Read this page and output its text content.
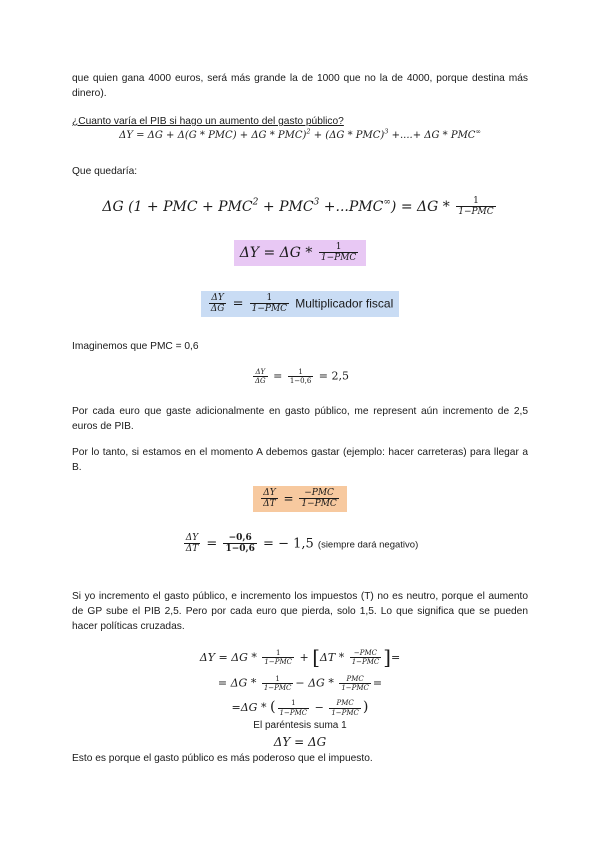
que quien gana 4000 euros, será más grande la de 1000 que no la de 4000, porque destina más dinero).
¿Cuanto varía el PIB si hago un aumento del gasto público?
ΔY = ΔG + Δ(G * PMC) + ΔG * PMC)$^2$ + (ΔG * PMC)$^3$ +....+ ΔG * PMC∞
Que quedaría:
ΔG (1 + PMC + $PMC^2 + PMC^3 +...PMC^\infty) = \Delta G * \frac{1}{\text{1−PMC}}$
$\Delta Y = \Delta G * \frac{1}{\text{1−PMC}}$
$\frac{\Delta Y}{\Delta G} = \frac{1}{\text{1−PMC}}$ Multiplicador fiscal
Imaginemos que PMC = 0,6
$\frac{\Delta Y}{\Delta G} = \frac{1}{1-0,6} = 2,5$
Por cada euro que gaste adicionalmente en gasto público, me represent aún incremento de 2,5 euros de PIB.
Por lo tanto, si estamos en el momento A debemos gastar (ejemplo: hacer carreteras) para llegar a B.
$\frac{\Delta Y}{\Delta T} = \frac{\text{−PMC}}{\text{1−PMC}}$
$\frac{\Delta Y}{\Delta T} = \frac{-0,6}{1-0,6}$ = − 1,5 (siempre dará negativo)
Si yo incremento el gasto público, e incremento los impuestos (T) no es neutro, porque el aumento de GP sube el PIB 2,5. Pero por cada euro que pierda, solo 1,5. Lo que significa que se pueden hacer políticas cruzadas.
$\Delta Y = \Delta G * \frac{1}{\text{1−PMC}} + [\Delta T * \frac{\text{−PMC}}{\text{1−PMC}}$ ]=
= $\Delta G * \frac{1}{\text{1−PMC}} - \Delta G * \frac{\text{PMC}}{\text{1−PMC}}$ =
=ΔG * ( $\frac{1}{\text{1−PMC}} - \frac{\text{PMC}}{\text{1−PMC}}$ )
El paréntesis suma 1
ΔY = ΔG
Esto es porque el gasto público es más poderoso que el impuesto.
